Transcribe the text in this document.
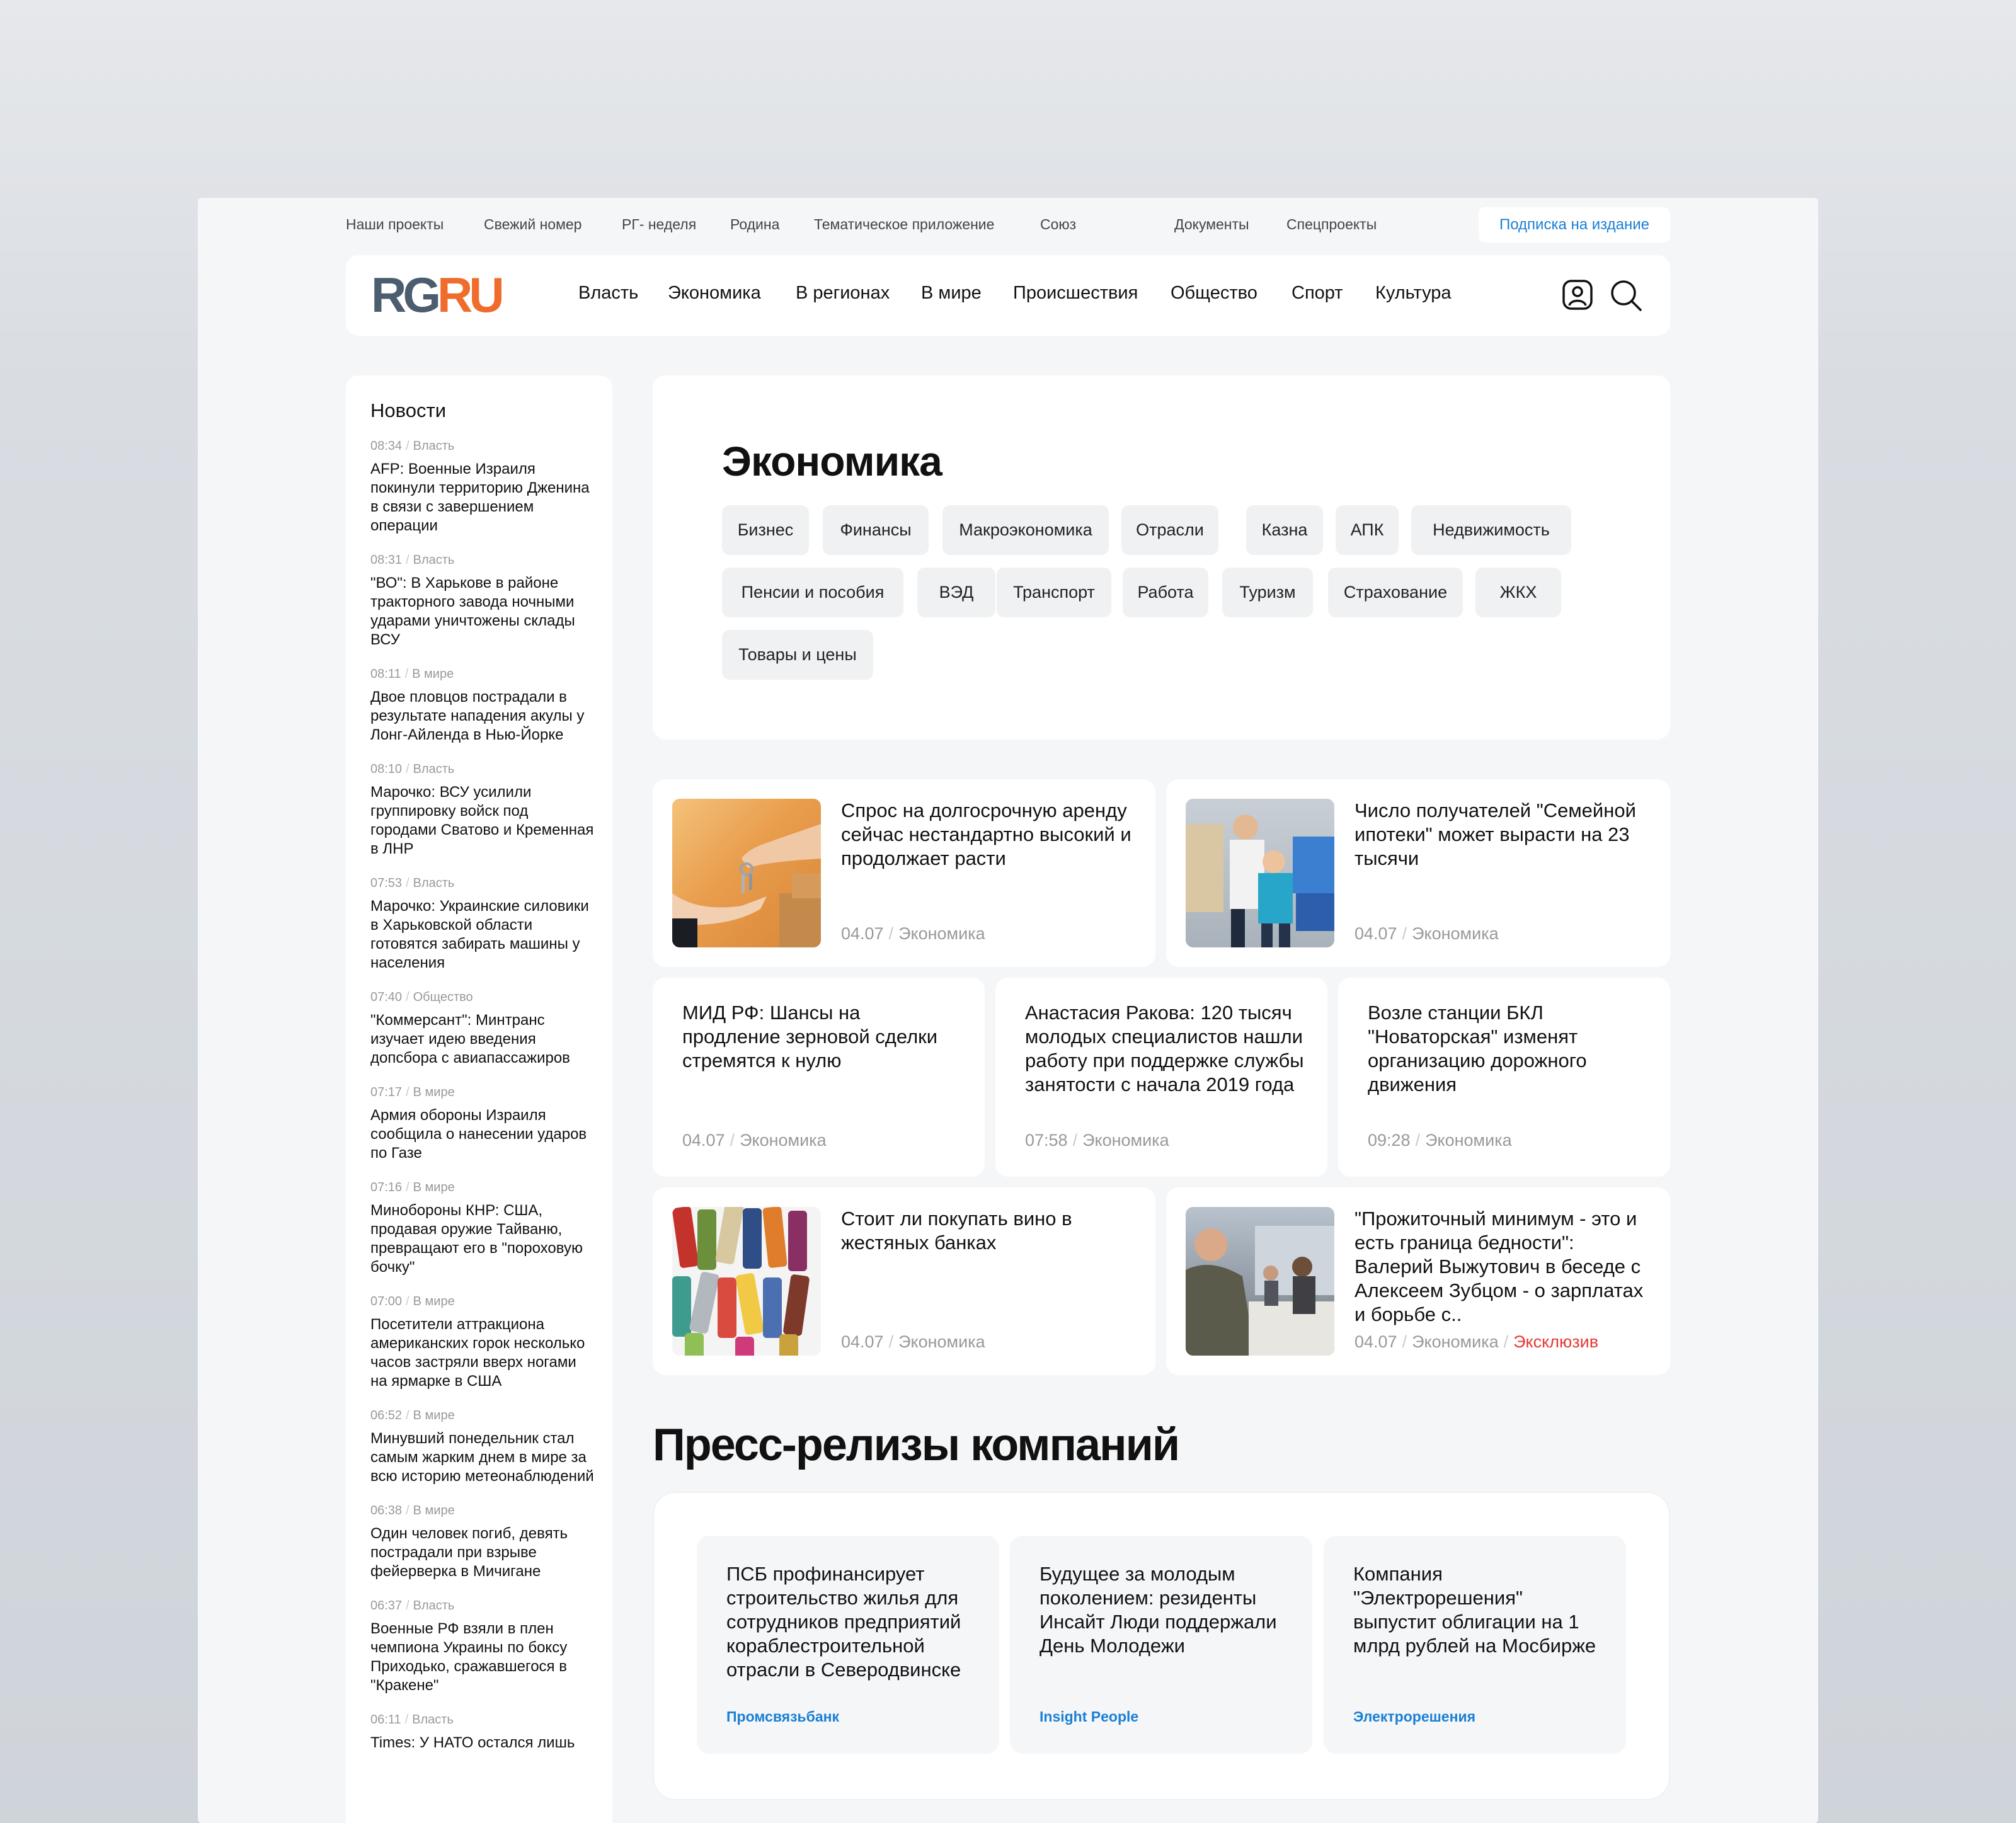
Наши проекты	Свежий номер	РГ- неделя Родина Тематическое приложение	Союз	Документы	Спецпроекты	Подписка на издание
RGRU	Власть Экономика В регионах В мире Происшествия Общество Спорт Культура
Новости
08:34 / Власть
AFP: Военные Израиля покинули территорию Дженина в связи с завершением операции
08:31 / Власть
"ВО": В Харькове в районе тракторного завода ночными ударами уничтожены склады ВСУ
08:11 / В мире
Двое пловцов пострадали в результате нападения акулы у Лонг-Айленда в Нью-Йорке
08:10 / Власть
Марочко: ВСУ усилили группировку войск под городами Сватово и Кременная в ЛНР
07:53 / Власть
Марочко: Украинские силовики в Харьковской области готовятся забирать машины у населения
07:40 / Общество
"Коммерсант": Минтранс изучает идею введения допсбора с авиапассажиров
07:17 / В мире
Армия обороны Израиля сообщила о нанесении ударов по Газе
07:16 / В мире
Минобороны КНР: США, продавая оружие Тайваню, превращают его в "пороховую бочку"
07:00 / В мире
Посетители аттракциона американских горок несколько часов застряли вверх ногами на ярмарке в США
06:52 / В мире
Минувший понедельник стал самым жарким днем в мире за всю историю метеонаблюдений
06:38 / В мире
Один человек погиб, девять пострадали при взрыве фейерверка в Мичигане
06:37 / Власть
Военные РФ взяли в плен чемпиона Украины по боксу Приходько, сражавшегося в "Кракене"
06:11 / Власть
Times: У НАТО остался лишь
Экономика
Бизнес	Финансы	Макроэкономика	Отрасли	Казна	АПК	Недвижимость
Пенсии и пособия	ВЭД	Транспорт	Работа	Туризм	Страхование	ЖКХ
Товары и цены
Спрос на долгосрочную аренду сейчас нестандартно высокий и продолжает расти
04.07 / Экономика
Число получателей "Семейной ипотеки" может вырасти на 23 тысячи
04.07 / Экономика
МИД РФ: Шансы на продление зерновой сделки стремятся к нулю
04.07 / Экономика
Анастасия Ракова: 120 тысяч молодых специалистов нашли работу при поддержке службы занятости с начала 2019 года
07:58 / Экономика
Возле станции БКЛ "Новаторская" изменят организацию дорожного движения
09:28 / Экономика
Стоит ли покупать вино в жестяных банках
04.07 / Экономика
"Прожиточный минимум - это и есть граница бедности": Валерий Выжутович в беседе с Алексеем Зубцом - о зарплатах и борьбе с..
04.07 / Экономика / Эксклюзив
Пресс-релизы компаний
ПСБ профинансирует строительство жилья для сотрудников предприятий кораблестроительной отрасли в Северодвинске
Промсвязьбанк
Будущее за молодым поколением: резиденты Инсайт Люди поддержали День Молодежи
Insight People
Компания "Электрорешения" выпустит облигации на 1 млрд рублей на Мосбирже
Электрорешения
